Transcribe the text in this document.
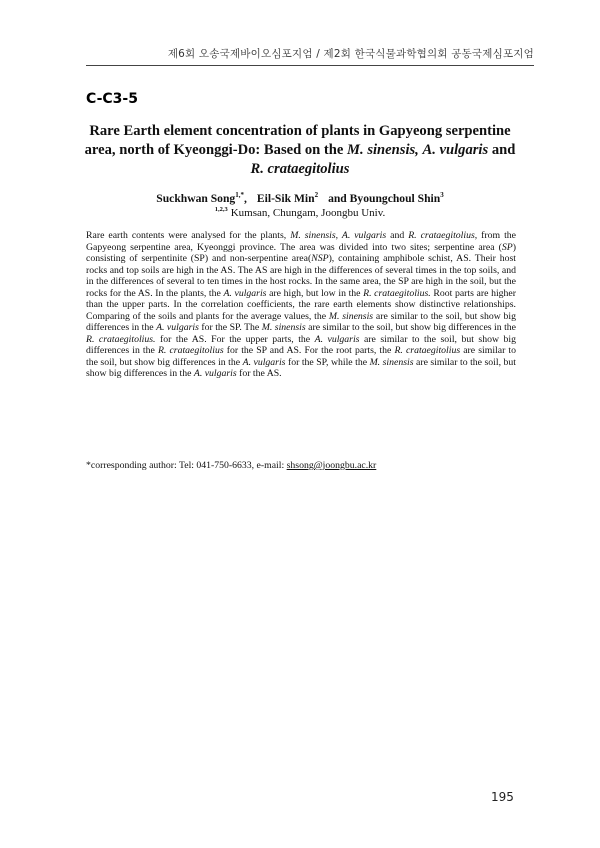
제6회 오송국제바이오심포지엄 / 제2회 한국식물과학협의회 공동국제심포지엄
C-C3-5
Rare Earth element concentration of plants in Gapyeong serpentine area, north of Kyeonggi-Do: Based on the M. sinensis, A. vulgaris and R. crataegitolius
Suckhwan Song$^{1,*}$, Eil-Sik Min$^2$ and Byoungchoul Shin$^3$
$^{1,2,3}$ Kumsan, Chungam, Joongbu Univ.
Rare earth contents were analysed for the plants, M. sinensis, A. vulgaris and R. crataegitolius, from the Gapyeong serpentine area, Kyeonggi province. The area was divided into two sites; serpentine area (SP) consisting of serpentinite (SP) and non-serpentine area(NSP), containing amphibole schist, AS. Their host rocks and top soils are high in the AS. The AS are high in the differences of several times in the top soils, and in the differences of several to ten times in the host rocks. In the same area, the SP are high in the soil, but the rocks for the AS. In the plants, the A. vulgaris are high, but low in the R. crataegitolius. Root parts are higher than the upper parts. In the correlation coefficients, the rare earth elements show distinctive relationships. Comparing of the soils and plants for the average values, the M. sinensis are similar to the soil, but show big differences in the A. vulgaris for the SP. The M. sinensis are similar to the soil, but show big differences in the R. crataegitolius. for the AS. For the upper parts, the A. vulgaris are similar to the soil, but show big differences in the R. crataegitolius for the SP and AS. For the root parts, the R. crataegitolius are similar to the soil, but show big differences in the A. vulgaris for the SP, while the M. sinensis are similar to the soil, but show big differences in the A. vulgaris for the AS.
*corresponding author: Tel: 041-750-6633, e-mail: shsong@joongbu.ac.kr
195
